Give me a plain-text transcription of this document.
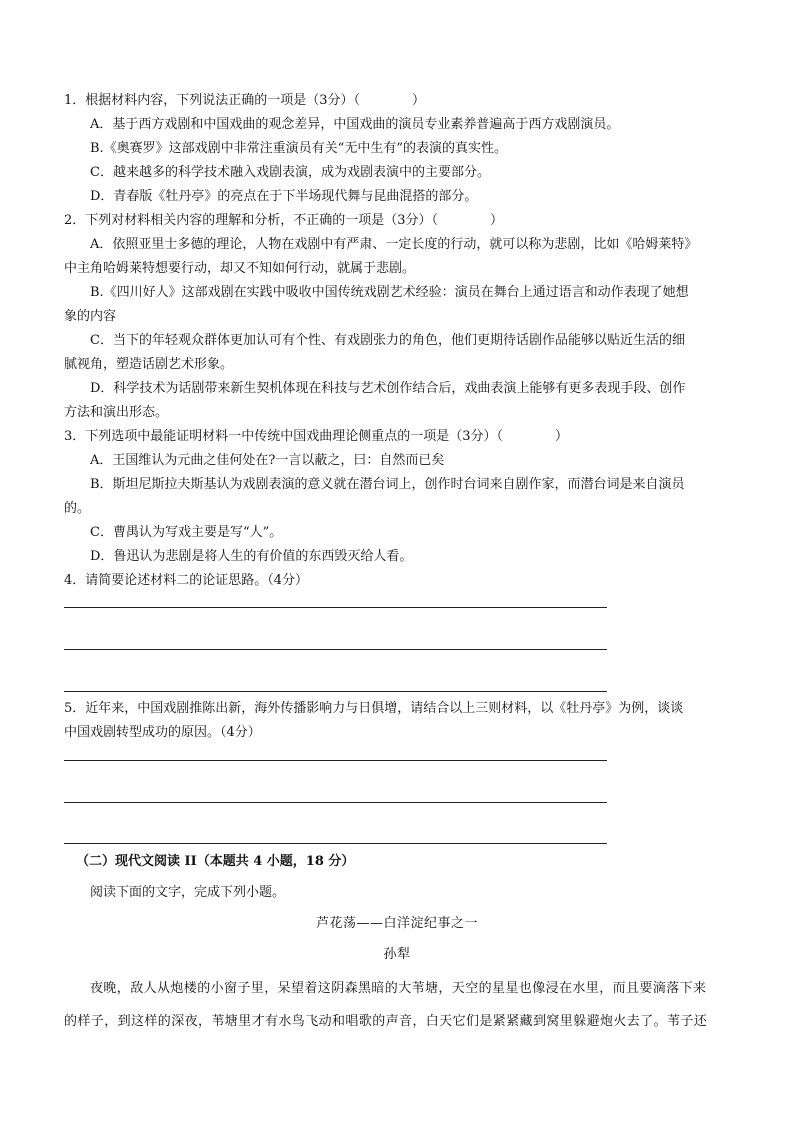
1．根据材料内容，下列说法正确的一项是（3分）（　　　　）
A．基于西方戏剧和中国戏曲的观念差异，中国戏曲的演员专业素养普遍高于西方戏剧演员。
B.《奥赛罗》这部戏剧中非常注重演员有关“无中生有”的表演的真实性。
C．越来越多的科学技术融入戏剧表演，成为戏剧表演中的主要部分。
D．青春版《牡丹亭》的亮点在于下半场现代舞与昆曲混搭的部分。
2．下列对材料相关内容的理解和分析，不正确的一项是（3分）（　　　　）
A．依照亚里士多德的理论，人物在戏剧中有严肃、一定长度的行动，就可以称为悲剧，比如《哈姆莱特》
中主角哈姆莱特想要行动，却又不知如何行动，就属于悲剧。
B.《四川好人》这部戏剧在实践中吸收中国传统戏剧艺术经验：演员在舞台上通过语言和动作表现了她想
象的内容
C．当下的年轻观众群体更加认可有个性、有戏剧张力的角色，他们更期待话剧作品能够以贴近生活的细
腻视角，塑造话剧艺术形象。
D．科学技术为话剧带来新生契机体现在科技与艺术创作结合后，戏曲表演上能够有更多表现手段、创作
方法和演出形态。
3．下列选项中最能证明材料一中传统中国戏曲理论侧重点的一项是（3分）（　　　　）
A．王国维认为元曲之佳何处在?一言以蔽之，曰：自然而已矣
B．斯坦尼斯拉夫斯基认为戏剧表演的意义就在潜台词上，创作时台词来自剧作家，而潜台词是来自演员
的。
C．曹禺认为写戏主要是写“人”。
D．鲁迅认为悲剧是将人生的有价值的东西毁灭给人看。
4．请简要论述材料二的论证思路。（4分）
5．近年来，中国戏剧推陈出新，海外传播影响力与日俱增，请结合以上三则材料，以《牡丹亭》为例，谈谈
中国戏剧转型成功的原因。（4分）
（二）现代文阅读 II（本题共 4 小题，18 分）
阅读下面的文字，完成下列小题。
芦花荡——白洋淀纪事之一
孙犁
夜晚，敌人从炮楼的小窗子里，呆望着这阴森黑暗的大苇塘，天空的星星也像浸在水里，而且要滴落下来
的样子，到这样的深夜，苇塘里才有水鸟飞动和唱歌的声音，白天它们是紧紧藏到窝里躲避炮火去了。苇子还
